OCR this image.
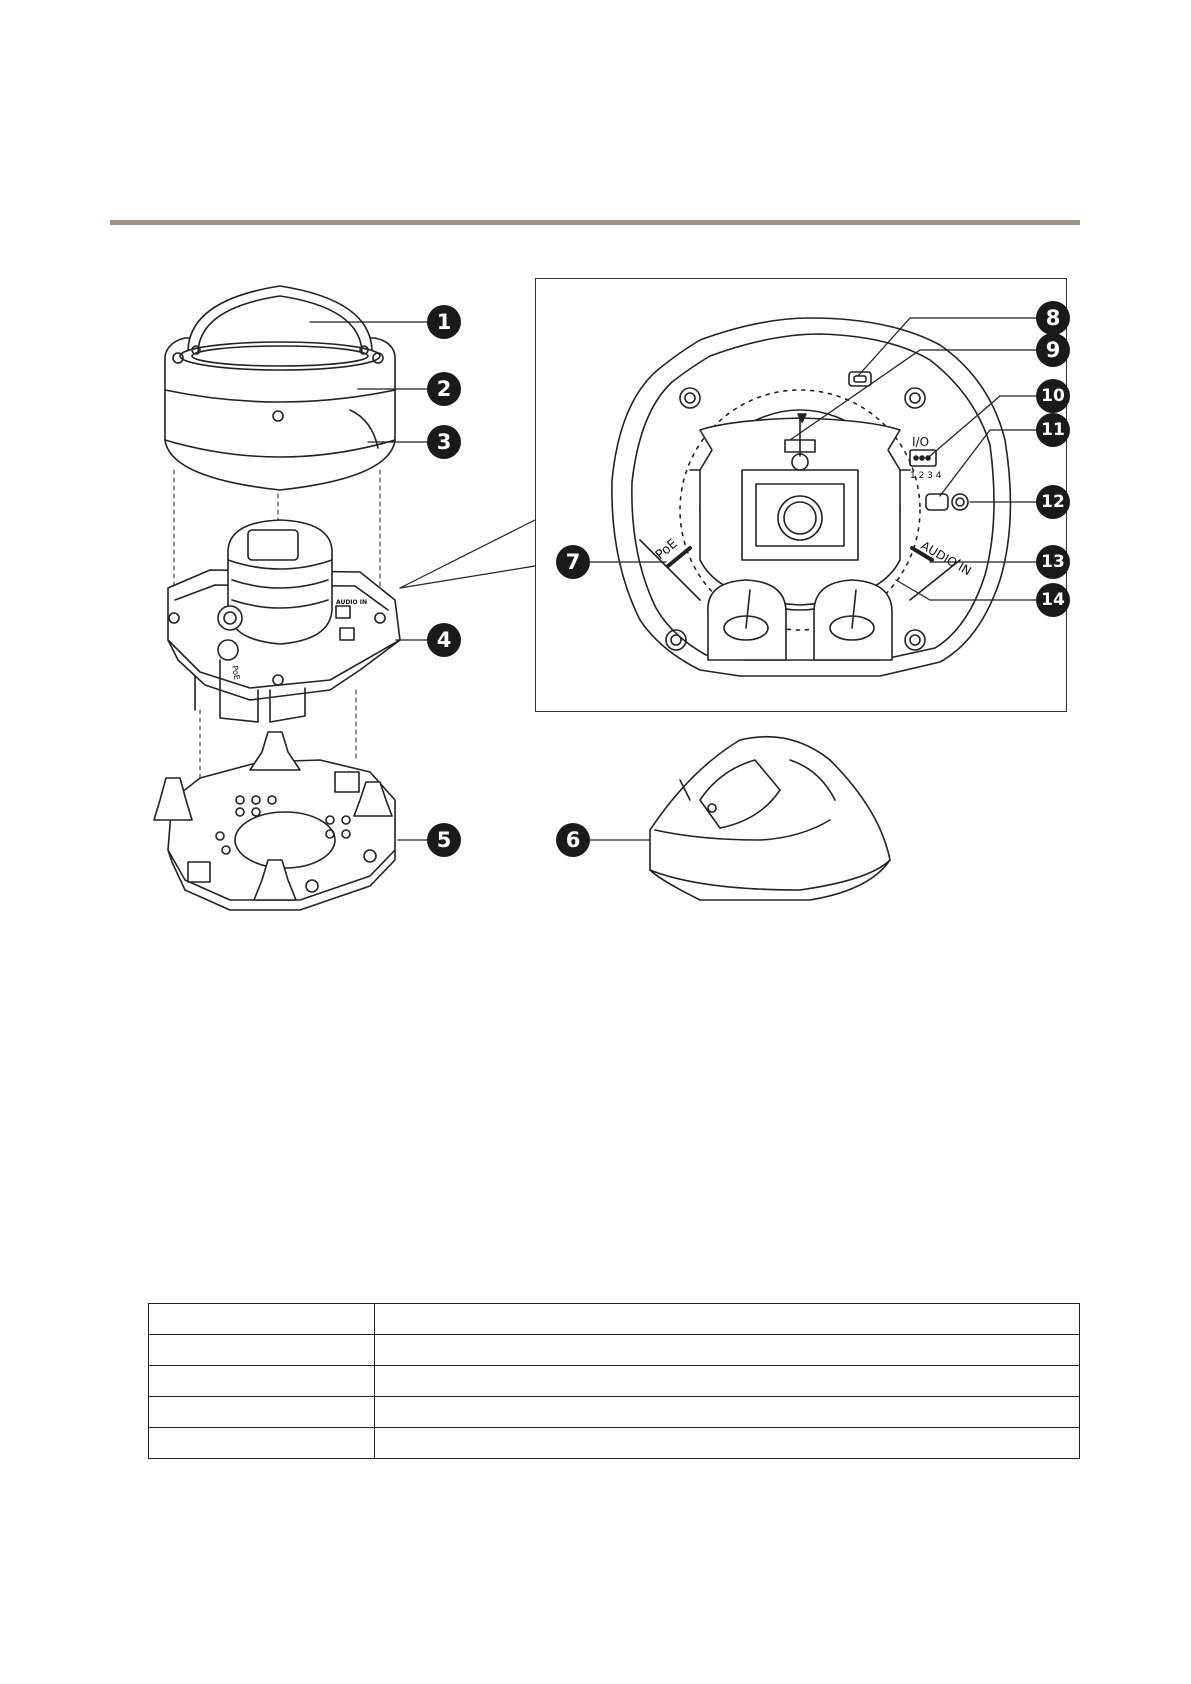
PoE
I/O
1 2 3 4
AUDIO IN
AUDIO IN
PoE
1
2
3
4
5	6
7
8
9
10
11
12
13
14
